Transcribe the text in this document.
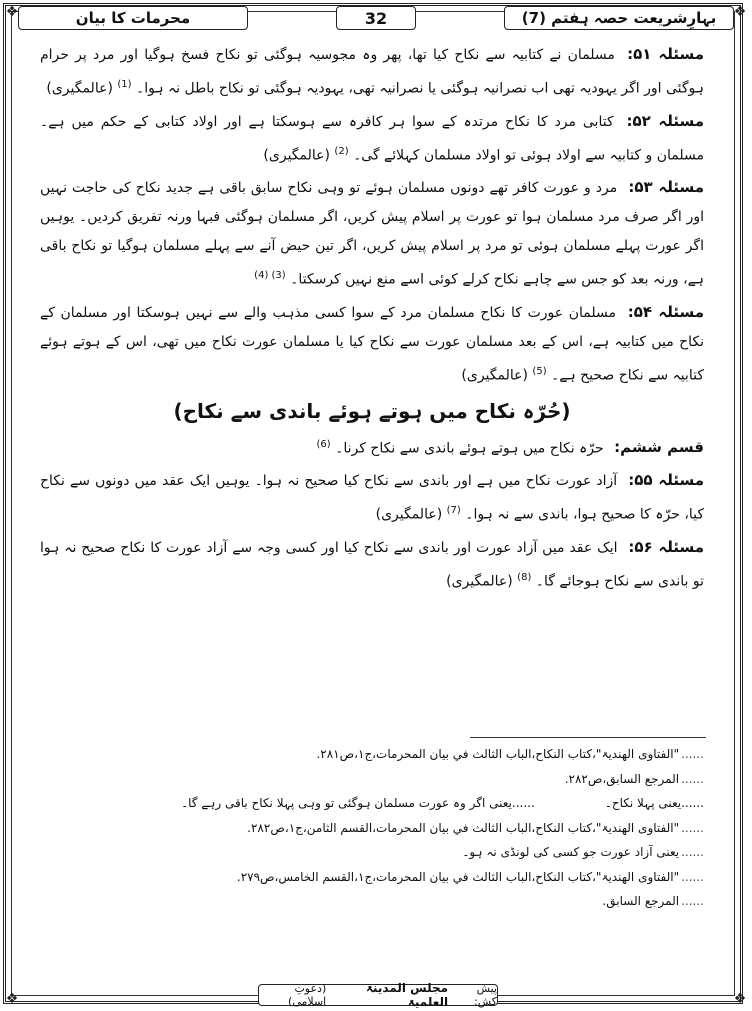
❖	❖
❖	❖
بہارِشریعت حصہ ہفتم (7)
32
محرمات کا بیان

مسئلہ ۵۱: مسلمان نے کتابیہ سے نکاح کیا تھا، پھر وہ مجوسیہ ہوگئی تو نکاح فسخ ہوگیا اور مرد پر حرام ہوگئی اور اگر یہودیہ تھی اب نصرانیہ ہوگئی یا نصرانیہ تھی، یہودیہ ہوگئی تو نکاح باطل نہ ہوا۔ $^{(1)}$ (عالمگیری)

مسئلہ ۵۲: کتابی مرد کا نکاح مرتدہ کے سوا ہر کافرہ سے ہوسکتا ہے اور اولاد کتابی کے حکم میں ہے۔ مسلمان و کتابیہ سے اولاد ہوئی تو اولاد مسلمان کہلائے گی۔ $^{(2)}$ (عالمگیری)

مسئلہ ۵۳: مرد و عورت کافر تھے دونوں مسلمان ہوئے تو وہی نکاح سابق باقی ہے جدید نکاح کی حاجت نہیں اور اگر صرف مرد مسلمان ہوا تو عورت پر اسلام پیش کریں، اگر مسلمان ہوگئی فبہا ورنہ تفریق کردیں۔ یوہیں اگر عورت پہلے مسلمان ہوئی تو مرد پر اسلام پیش کریں، اگر تین حیض آنے سے پہلے مسلمان ہوگیا تو نکاح باقی ہے، ورنہ بعد کو جس سے چاہے نکاح کرلے کوئی اسے منع نہیں کرسکتا۔ $^{(3) (4)}$

مسئلہ ۵۴: مسلمان عورت کا نکاح مسلمان مرد کے سوا کسی مذہب والے سے نہیں ہوسکتا اور مسلمان کے نکاح میں کتابیہ ہے، اس کے بعد مسلمان عورت سے نکاح کیا یا مسلمان عورت نکاح میں تھی، اس کے ہوتے ہوئے کتابیہ سے نکاح صحیح ہے۔ $^{(5)}$ (عالمگیری)

(حُرّہ نکاح میں ہوتے ہوئے باندی سے نکاح)

قسم ششم: حرّہ نکاح میں ہوتے ہوئے باندی سے نکاح کرنا۔ $^{(6)}$

مسئلہ ۵۵: آزاد عورت نکاح میں ہے اور باندی سے نکاح کیا صحیح نہ ہوا۔ یوہیں ایک عقد میں دونوں سے نکاح کیا، حرّہ کا صحیح ہوا، باندی سے نہ ہوا۔ $^{(7)}$ (عالمگیری)

مسئلہ ۵۶: ایک عقد میں آزاد عورت اور باندی سے نکاح کیا اور کسی وجہ سے آزاد عورت کا نکاح صحیح نہ ہوا تو باندی سے نکاح ہوجائے گا۔ $^{(8)}$ (عالمگیری)

......
"الفتاوی الھندیۃ"،کتاب النکاح،الباب الثالث في بیان المحرمات،ج۱،ص۲۸۱.
......
المرجع السابق،ص۲۸۲.
......یعنی پہلا نکاح۔
......یعنی اگر وہ عورت مسلمان ہوگئی تو وہی پہلا نکاح باقی رہے گا۔
......
"الفتاوی الھندیۃ"،کتاب النکاح،الباب الثالث في بیان المحرمات،القسم الثامن،ج۱،ص۲۸۲.
......
یعنی آزاد عورت جو کسی کی لونڈی نہ ہو۔
......
"الفتاوی الھندیۃ"،کتاب النکاح،الباب الثالث في بیان المحرمات،ج۱،القسم الخامس،ص۲۷۹.
......
المرجع السابق.
پیش کش:
مجلس المدینۃ العلمیۃ
(دعوتِ اسلامی)
